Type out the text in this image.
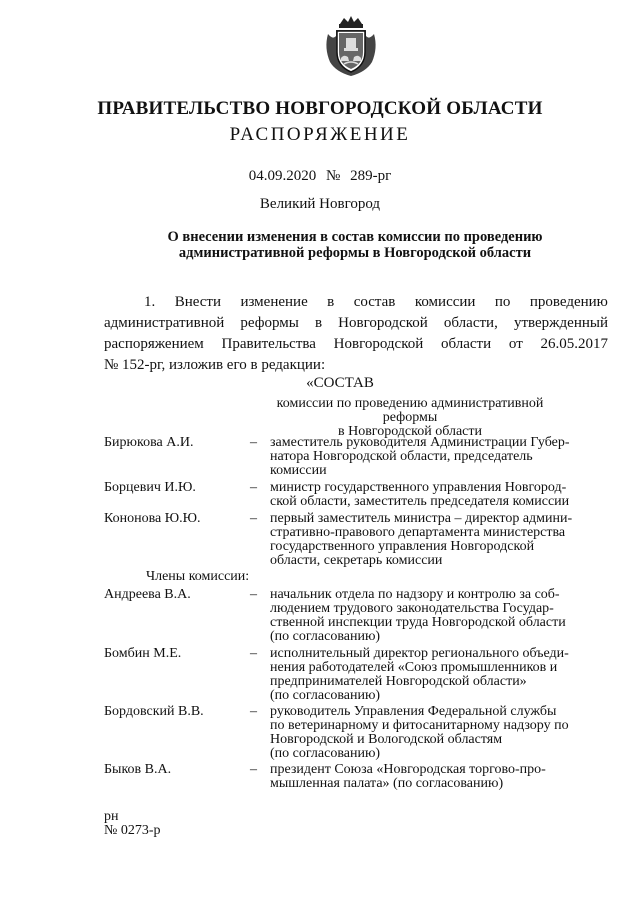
ПРАВИТЕЛЬСТВО НОВГОРОДСКОЙ ОБЛАСТИ
РАСПОРЯЖЕНИЕ
04.09.2020 № 289-рг
Великий Новгород
О внесении изменения в состав комиссии по проведению
административной реформы в Новгородской области
1. Внести изменение в состав комиссии по проведению
административной реформы в Новгородской области, утвержденный
распоряжением Правительства Новгородской области от 26.05.2017
№ 152-рг, изложив его в редакции:
«СОСТАВ
комиссии по проведению административной реформы
в Новгородской области
Бирюкова А.И.	– заместитель руководителя Администрации Губер-
натора Новгородской области, председатель
комиссии
Борцевич И.Ю.	– министр государственного управления Новгород-
ской области, заместитель председателя комиссии
Кононова Ю.Ю.	– первый заместитель министра – директор админи-
стративно-правового департамента министерства
государственного управления Новгородской
области, секретарь комиссии
Члены комиссии:
Андреева В.А.	– начальник отдела по надзору и контролю за соб-
людением трудового законодательства Государ-
ственной инспекции труда Новгородской области
(по согласованию)
Бомбин М.Е.	– исполнительный директор регионального объеди-
нения работодателей «Союз промышленников и
предпринимателей Новгородской области»
(по согласованию)
Бордовский В.В.	– руководитель Управления Федеральной службы
по ветеринарному и фитосанитарному надзору по
Новгородской и Вологодской областям
(по согласованию)
Быков В.А.	– президент Союза «Новгородская торгово-про-
мышленная палата» (по согласованию)
рн
№ 0273-р
